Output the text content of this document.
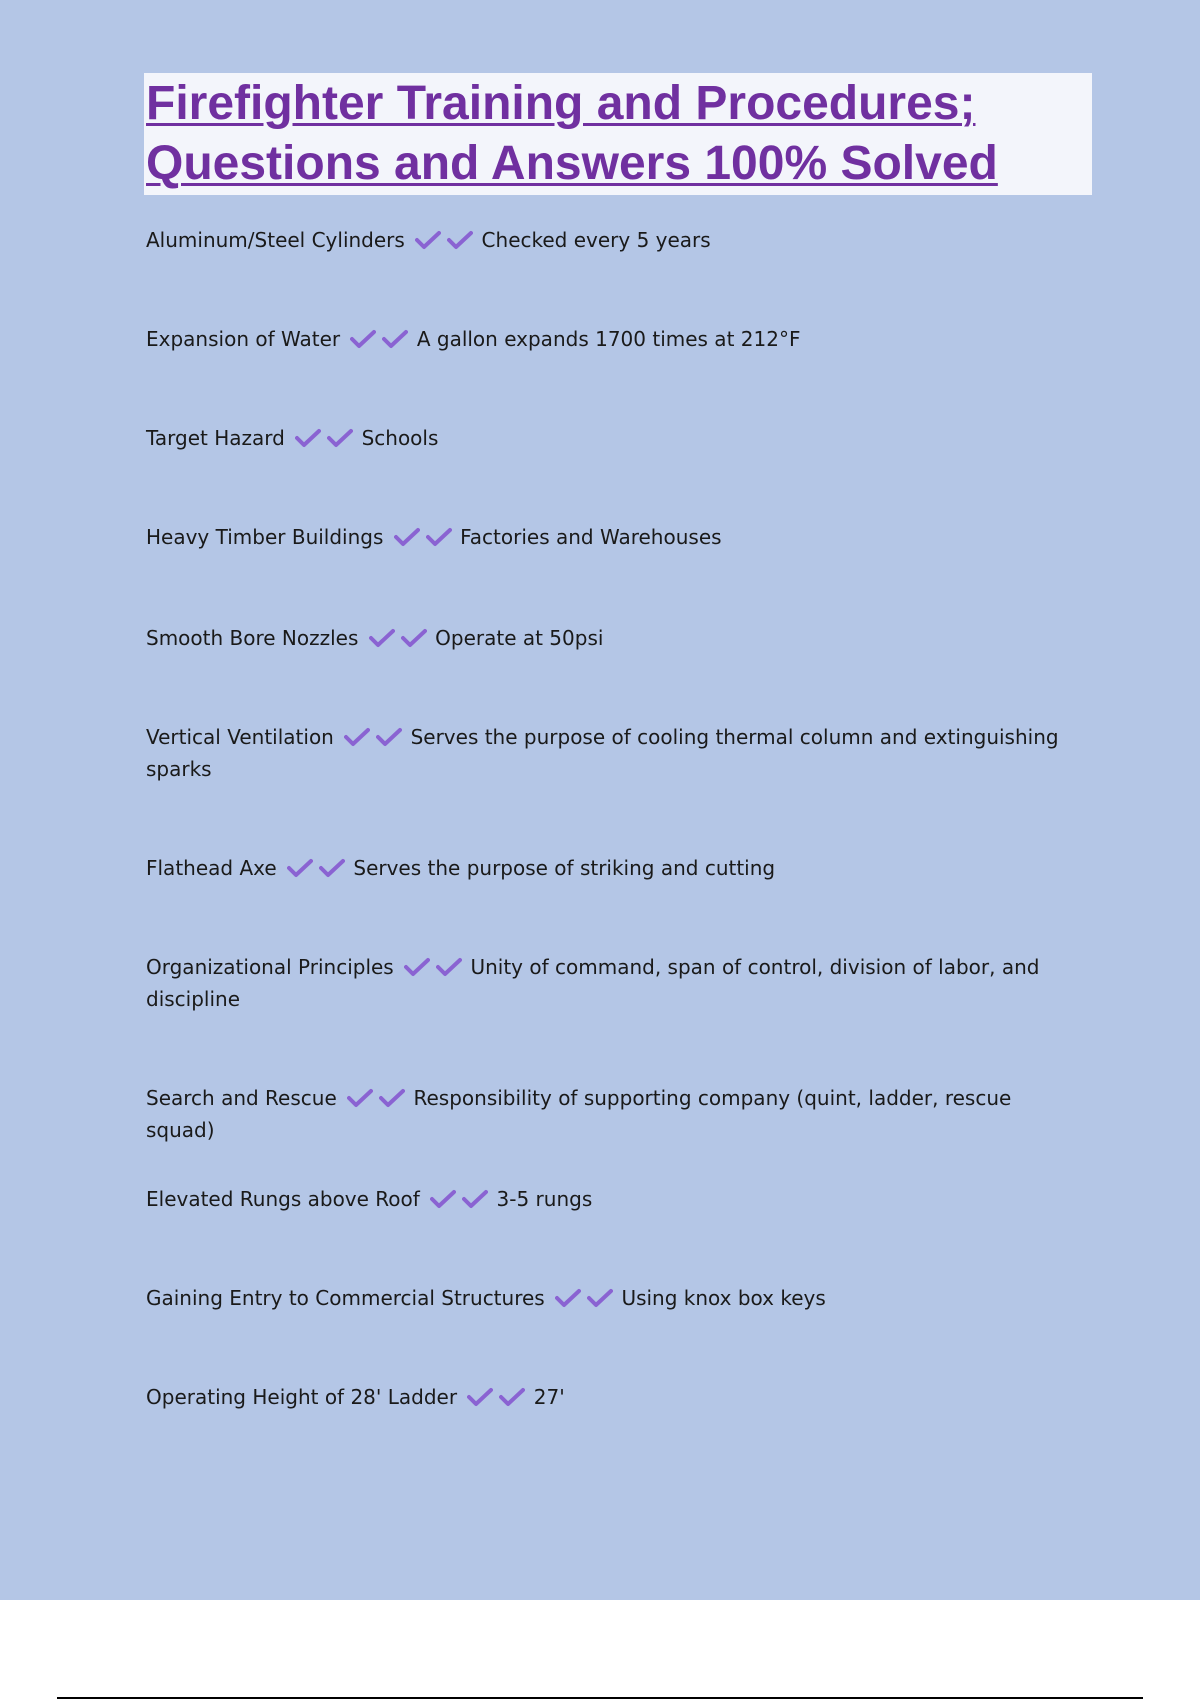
Firefighter Training and Procedures; Questions and Answers 100% Solved
Aluminum/Steel Cylinders	Checked every 5 years
Expansion of Water	A gallon expands 1700 times at 212°F
Target Hazard	Schools
Heavy Timber Buildings	Factories and Warehouses
Smooth Bore Nozzles	Operate at 50psi
Vertical Ventilation	Serves the purpose of cooling thermal column and extinguishing sparks
Flathead Axe	Serves the purpose of striking and cutting
Organizational Principles	Unity of command, span of control, division of labor, and discipline
Search and Rescue	Responsibility of supporting company (quint, ladder, rescue squad)
Elevated Rungs above Roof	3-5 rungs
Gaining Entry to Commercial Structures	Using knox box keys
Operating Height of 28' Ladder	27'
